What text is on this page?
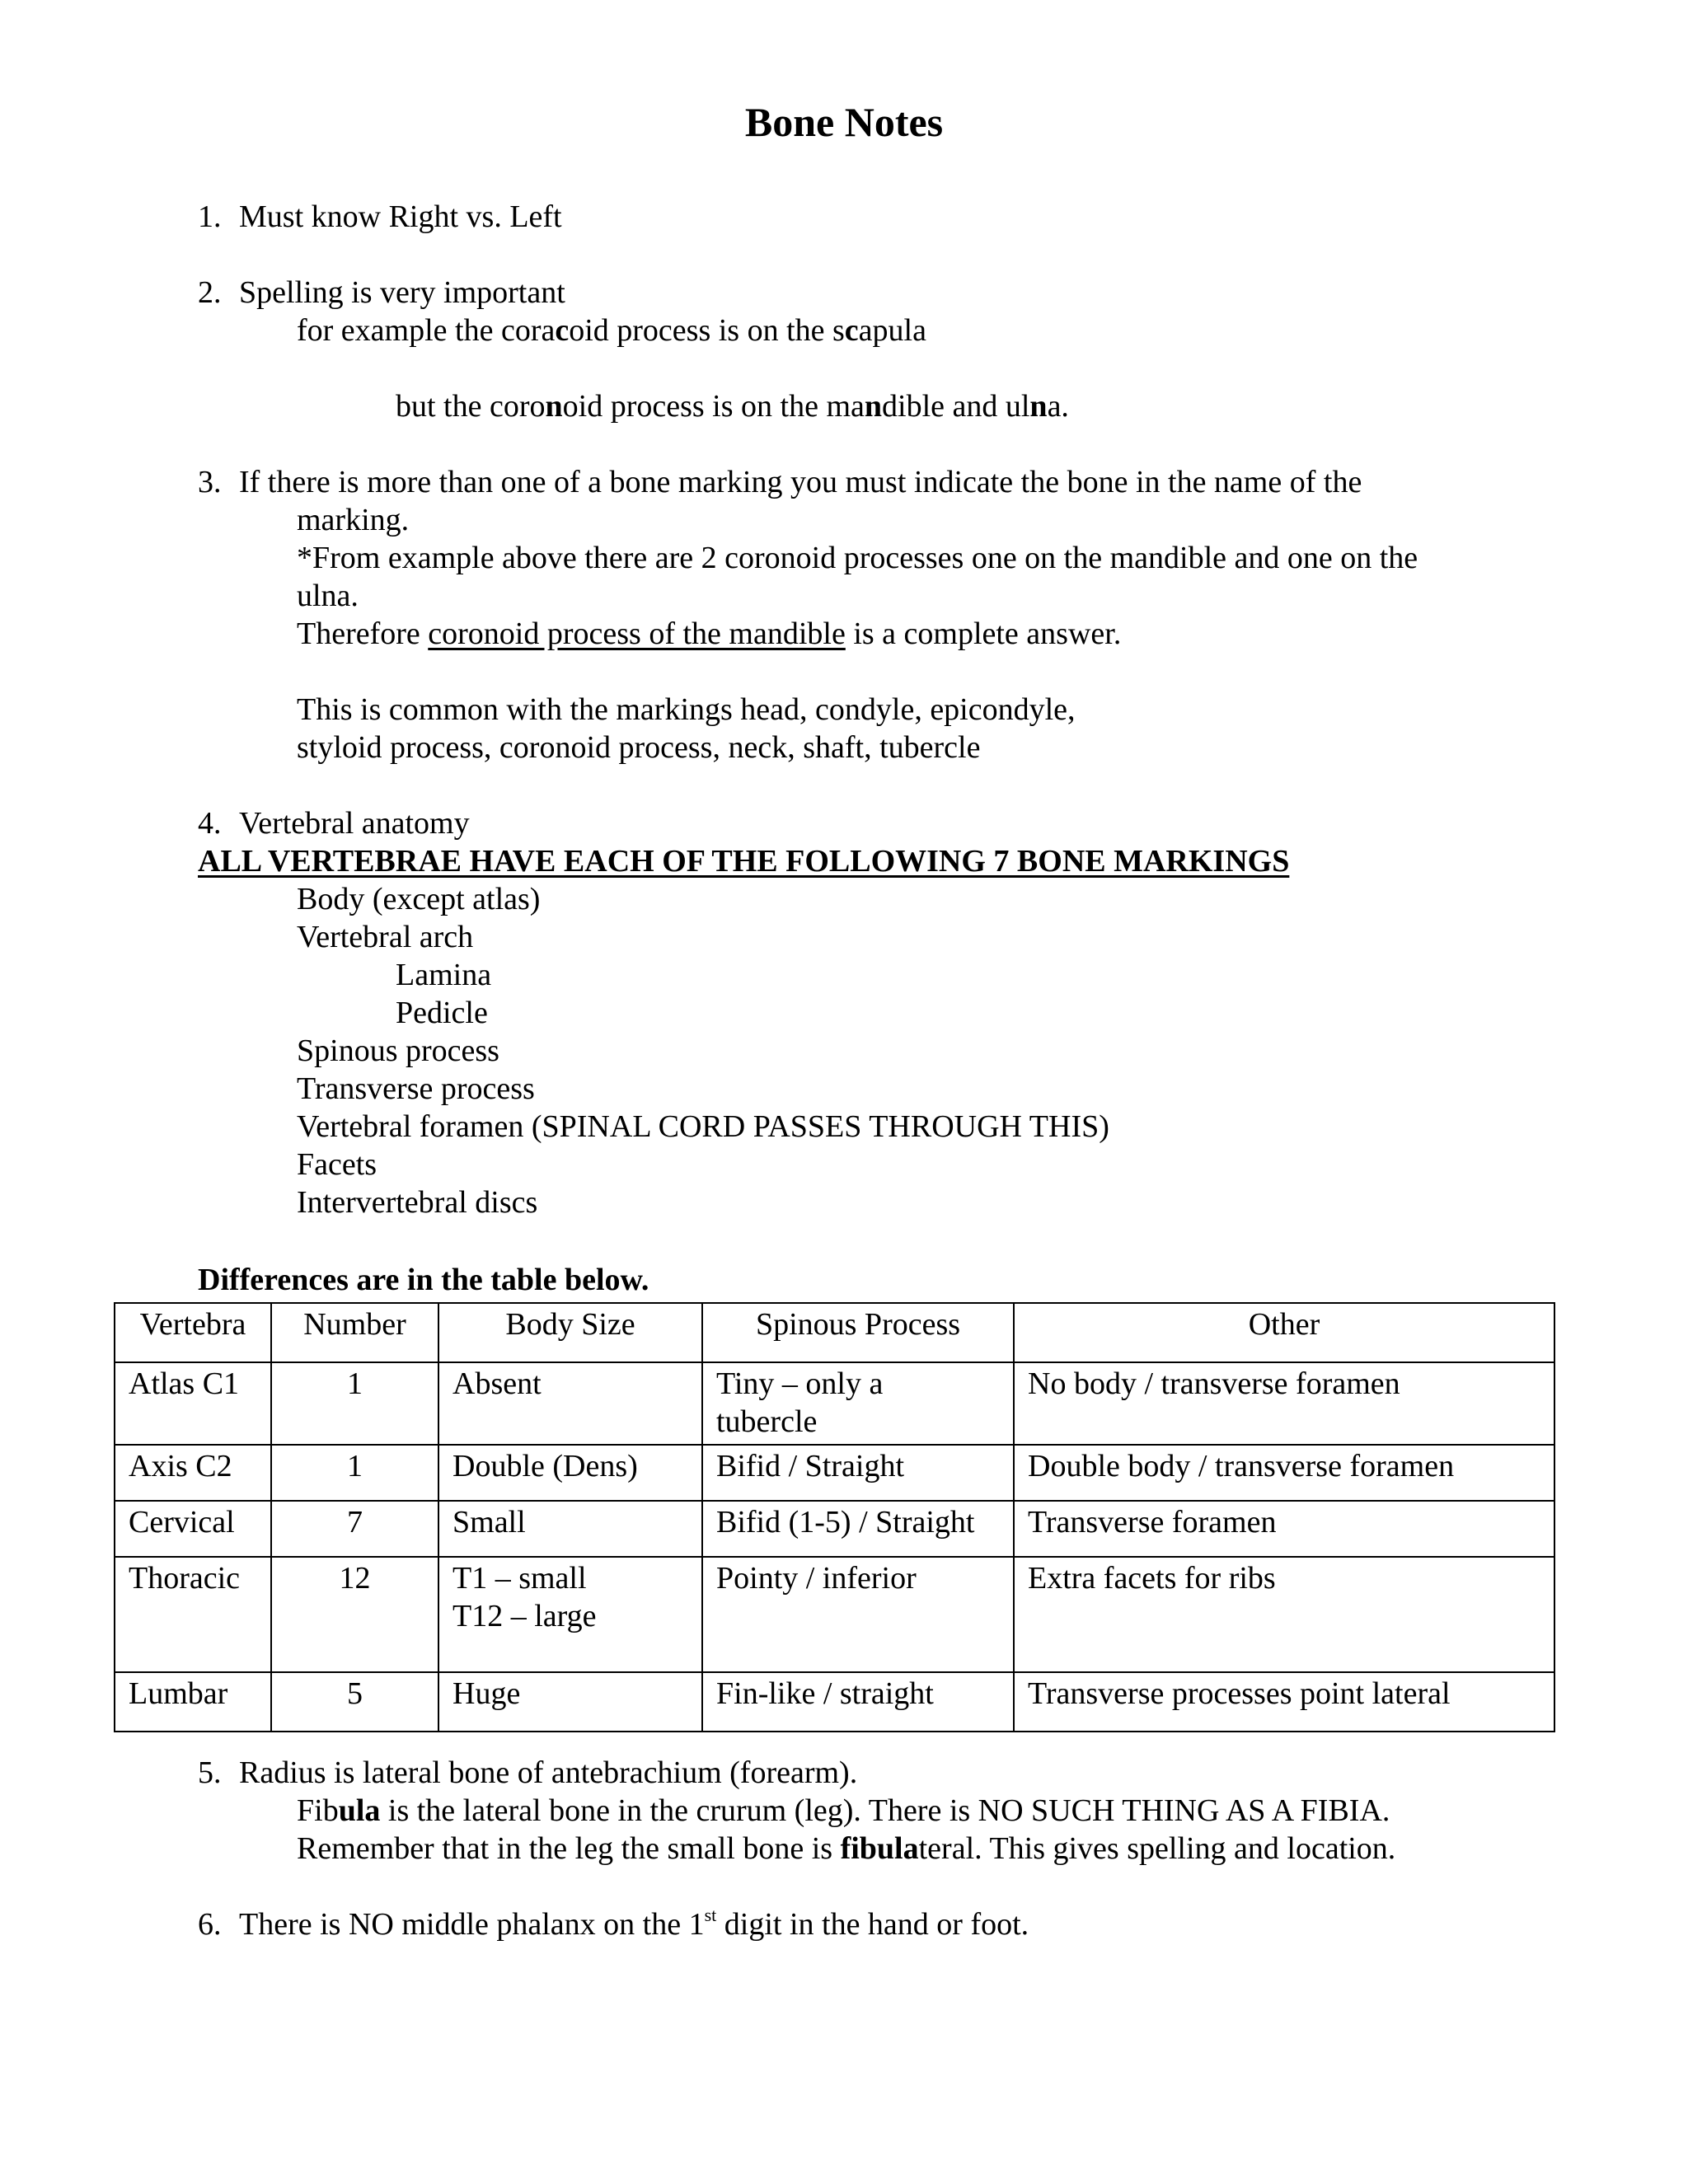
Bone Notes
1. Must know Right vs. Left
2. Spelling is very important
for example the coracoid process is on the scapula
but the coronoid process is on the mandible and ulna.
3. If there is more than one of a bone marking you must indicate the bone in the name of the
marking.
*From example above there are 2 coronoid processes one on the mandible and one on the
ulna.
Therefore coronoid process of the mandible is a complete answer.
This is common with the markings head, condyle, epicondyle,
styloid process, coronoid process, neck, shaft, tubercle
4. Vertebral anatomy
ALL VERTEBRAE HAVE EACH OF THE FOLLOWING 7 BONE MARKINGS
Body (except atlas)
Vertebral arch
Lamina
Pedicle
Spinous process
Transverse process
Vertebral foramen (SPINAL CORD PASSES THROUGH THIS)
Facets
Intervertebral discs
Differences are in the table below.
Vertebra	Number	Body Size	Spinous Process	Other
Atlas C1	1	Absent	Tiny – only a
tubercle	No body / transverse foramen
Axis C2	1	Double (Dens)	Bifid / Straight	Double body / transverse foramen
Cervical	7	Small	Bifid (1-5) / Straight	Transverse foramen
Thoracic	12	T1 – small
T12 – large	Pointy / inferior	Extra facets for ribs
Lumbar	5	Huge	Fin-like / straight	Transverse processes point lateral
5. Radius is lateral bone of antebrachium (forearm).
Fibula is the lateral bone in the crurum (leg). There is NO SUCH THING AS A FIBIA.
Remember that in the leg the small bone is fibulateral. This gives spelling and location.
6. There is NO middle phalanx on the 1st digit in the hand or foot.
